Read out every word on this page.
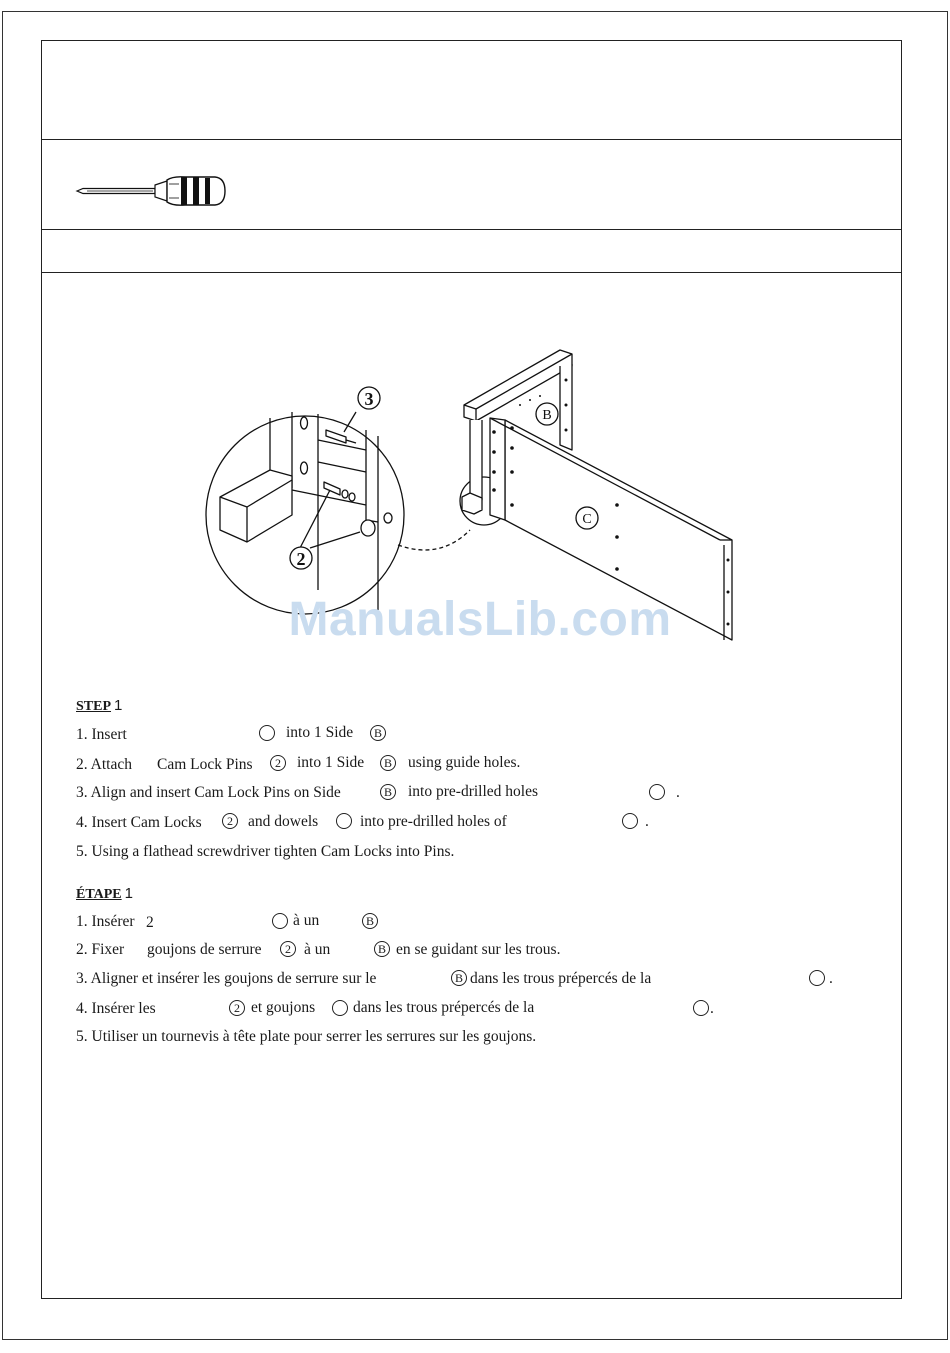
3
2
B
C
ManualsLib.com
STEP 1
1. Insert	into 1 Side	B
2. Attach Cam Lock Pins	2	into 1 Side	B using guide holes.
3. Align and insert Cam Lock Pins on Side	B into pre-drilled holes	.
4. Insert Cam Locks	2 and dowels	into pre-drilled holes of	.
5. Using a flathead screwdriver tighten Cam Locks into Pins.
ÉTAPE 1
1. Insérer 2	à un	B
2. Fixer goujons de serrure	2 à un	B en se guidant sur les trous.
3. Aligner et insérer les goujons de serrure sur le	B dans les trous prépercés de la	.
4. Insérer les	2 et goujons dans les trous prépercés de la	.
5. Utiliser un tournevis à tête plate pour serrer les serrures sur les goujons.
